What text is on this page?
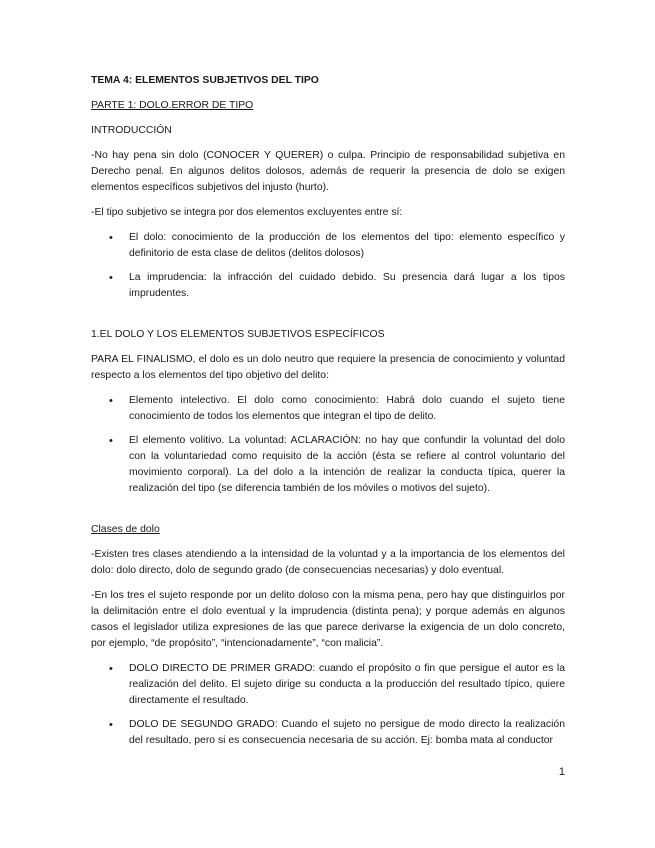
TEMA 4: ELEMENTOS SUBJETIVOS DEL TIPO

PARTE 1: DOLO.ERROR DE TIPO

INTRODUCCIÓN

-No hay pena sin dolo (CONOCER Y QUERER) o culpa. Principio de responsabilidad subjetiva en Derecho penal. En algunos delitos dolosos, además de requerir la presencia de dolo se exigen elementos específicos subjetivos del injusto (hurto).

-El tipo subjetivo se integra por dos elementos excluyentes entre sí:

• El dolo: conocimiento de la producción de los elementos del tipo: elemento específico y definitorio de esta clase de delitos (delitos dolosos)
• La imprudencia: la infracción del cuidado debido. Su presencia dará lugar a los tipos imprudentes.

1.EL DOLO Y LOS ELEMENTOS SUBJETIVOS ESPECÍFICOS

PARA EL FINALISMO, el dolo es un dolo neutro que requiere la presencia de conocimiento y voluntad respecto a los elementos del tipo objetivo del delito:

• Elemento intelectivo. El dolo como conocimiento: Habrá dolo cuando el sujeto tiene conocimiento de todos los elementos que integran el tipo de delito.
• El elemento volitivo. La voluntad: ACLARACIÓN: no hay que confundir la voluntad del dolo con la voluntariedad como requisito de la acción (ésta se refiere al control voluntario del movimiento corporal). La del dolo a la intención de realizar la conducta típica, querer la realización del tipo (se diferencia también de los móviles o motivos del sujeto).

Clases de dolo

-Existen tres clases atendiendo a la intensidad de la voluntad y a la importancia de los elementos del dolo: dolo directo, dolo de segundo grado (de consecuencias necesarias) y dolo eventual.

-En los tres el sujeto responde por un delito doloso con la misma pena, pero hay que distinguirlos por la delimitación entre el dolo eventual y la imprudencia (distinta pena); y porque además en algunos casos el legislador utiliza expresiones de las que parece derivarse la exigencia de un dolo concreto, por ejemplo, “de propósito”, “intencionadamente”, “con malicia”.

• DOLO DIRECTO DE PRIMER GRADO: cuando el propósito o fin que persigue el autor es la realización del delito. El sujeto dirige su conducta a la producción del resultado típico, quiere directamente el resultado.
• DOLO DE SEGUNDO GRADO: Cuando el sujeto no persigue de modo directo la realización del resultado, pero si es consecuencia necesaria de su acción. Ej: bomba mata al conductor
1
